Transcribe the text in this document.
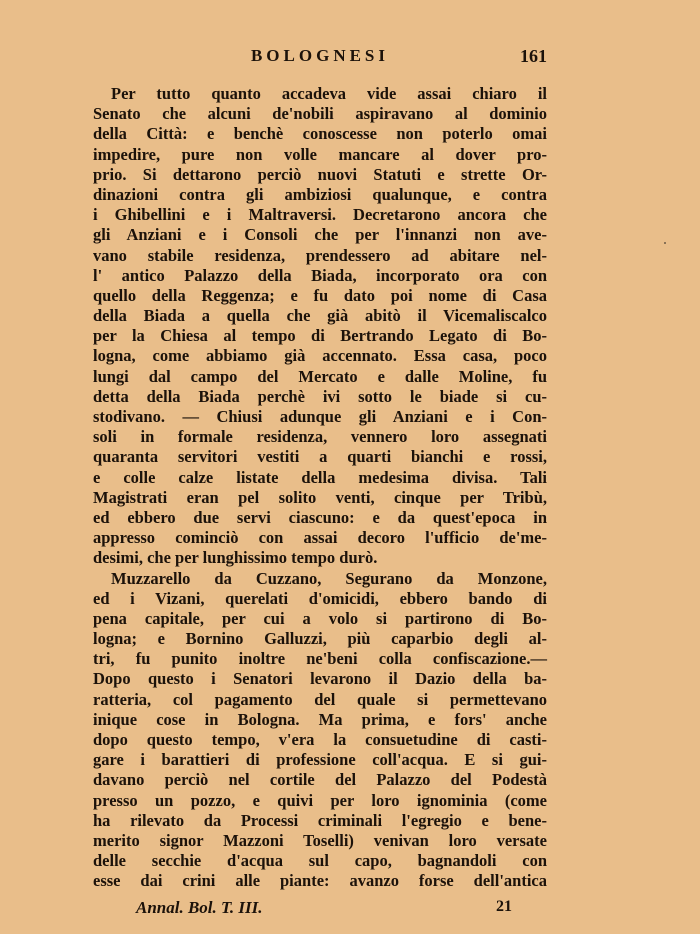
BOLOGNESI	161
Per tutto quanto accadeva vide assai chiaro il
Senato che alcuni de'nobili aspiravano al dominio
della Città: e benchè conoscesse non poterlo omai
impedire, pure non volle mancare al dover pro-
prio. Si dettarono perciò nuovi Statuti e strette Or-
dinazioni contra gli ambiziosi qualunque, e contra
i Ghibellini e i Maltraversi. Decretarono ancora che
gli Anziani e i Consoli che per l'innanzi non ave-
vano stabile residenza, prendessero ad abitare nel-
l' antico Palazzo della Biada, incorporato ora con
quello della Reggenza; e fu dato poi nome di Casa
della Biada a quella che già abitò il Vicemaliscalco
per la Chiesa al tempo di Bertrando Legato di Bo-
logna, come abbiamo già accennato. Essa casa, poco
lungi dal campo del Mercato e dalle Moline, fu
detta della Biada perchè ivi sotto le biade si cu-
stodivano. — Chiusi adunque gli Anziani e i Con-
soli in formale residenza, vennero loro assegnati
quaranta servitori vestiti a quarti bianchi e rossi,
e colle calze listate della medesima divisa. Tali
Magistrati eran pel solito venti, cinque per Tribù,
ed ebbero due servi ciascuno: e da quest'epoca in
appresso cominciò con assai decoro l'ufficio de'me-
desimi, che per lunghissimo tempo durò.
Muzzarello da Cuzzano, Segurano da Monzone,
ed i Vizani, querelati d'omicidi, ebbero bando di
pena capitale, per cui a volo si partirono di Bo-
logna; e Bornino Galluzzi, più caparbio degli al-
tri, fu punito inoltre ne'beni colla confiscazione.—
Dopo questo i Senatori levarono il Dazio della ba-
ratteria, col pagamento del quale si permettevano
inique cose in Bologna. Ma prima, e fors' anche
dopo questo tempo, v'era la consuetudine di casti-
gare i barattieri di professione coll'acqua. E si gui-
davano perciò nel cortile del Palazzo del Podestà
presso un pozzo, e quivi per loro ignominia (come
ha rilevato da Processi criminali l'egregio e bene-
merito signor Mazzoni Toselli) venivan loro versate
delle secchie d'acqua sul capo, bagnandoli con
esse dai crini alle piante: avanzo forse dell'antica
Annal. Bol. T. III.	21
